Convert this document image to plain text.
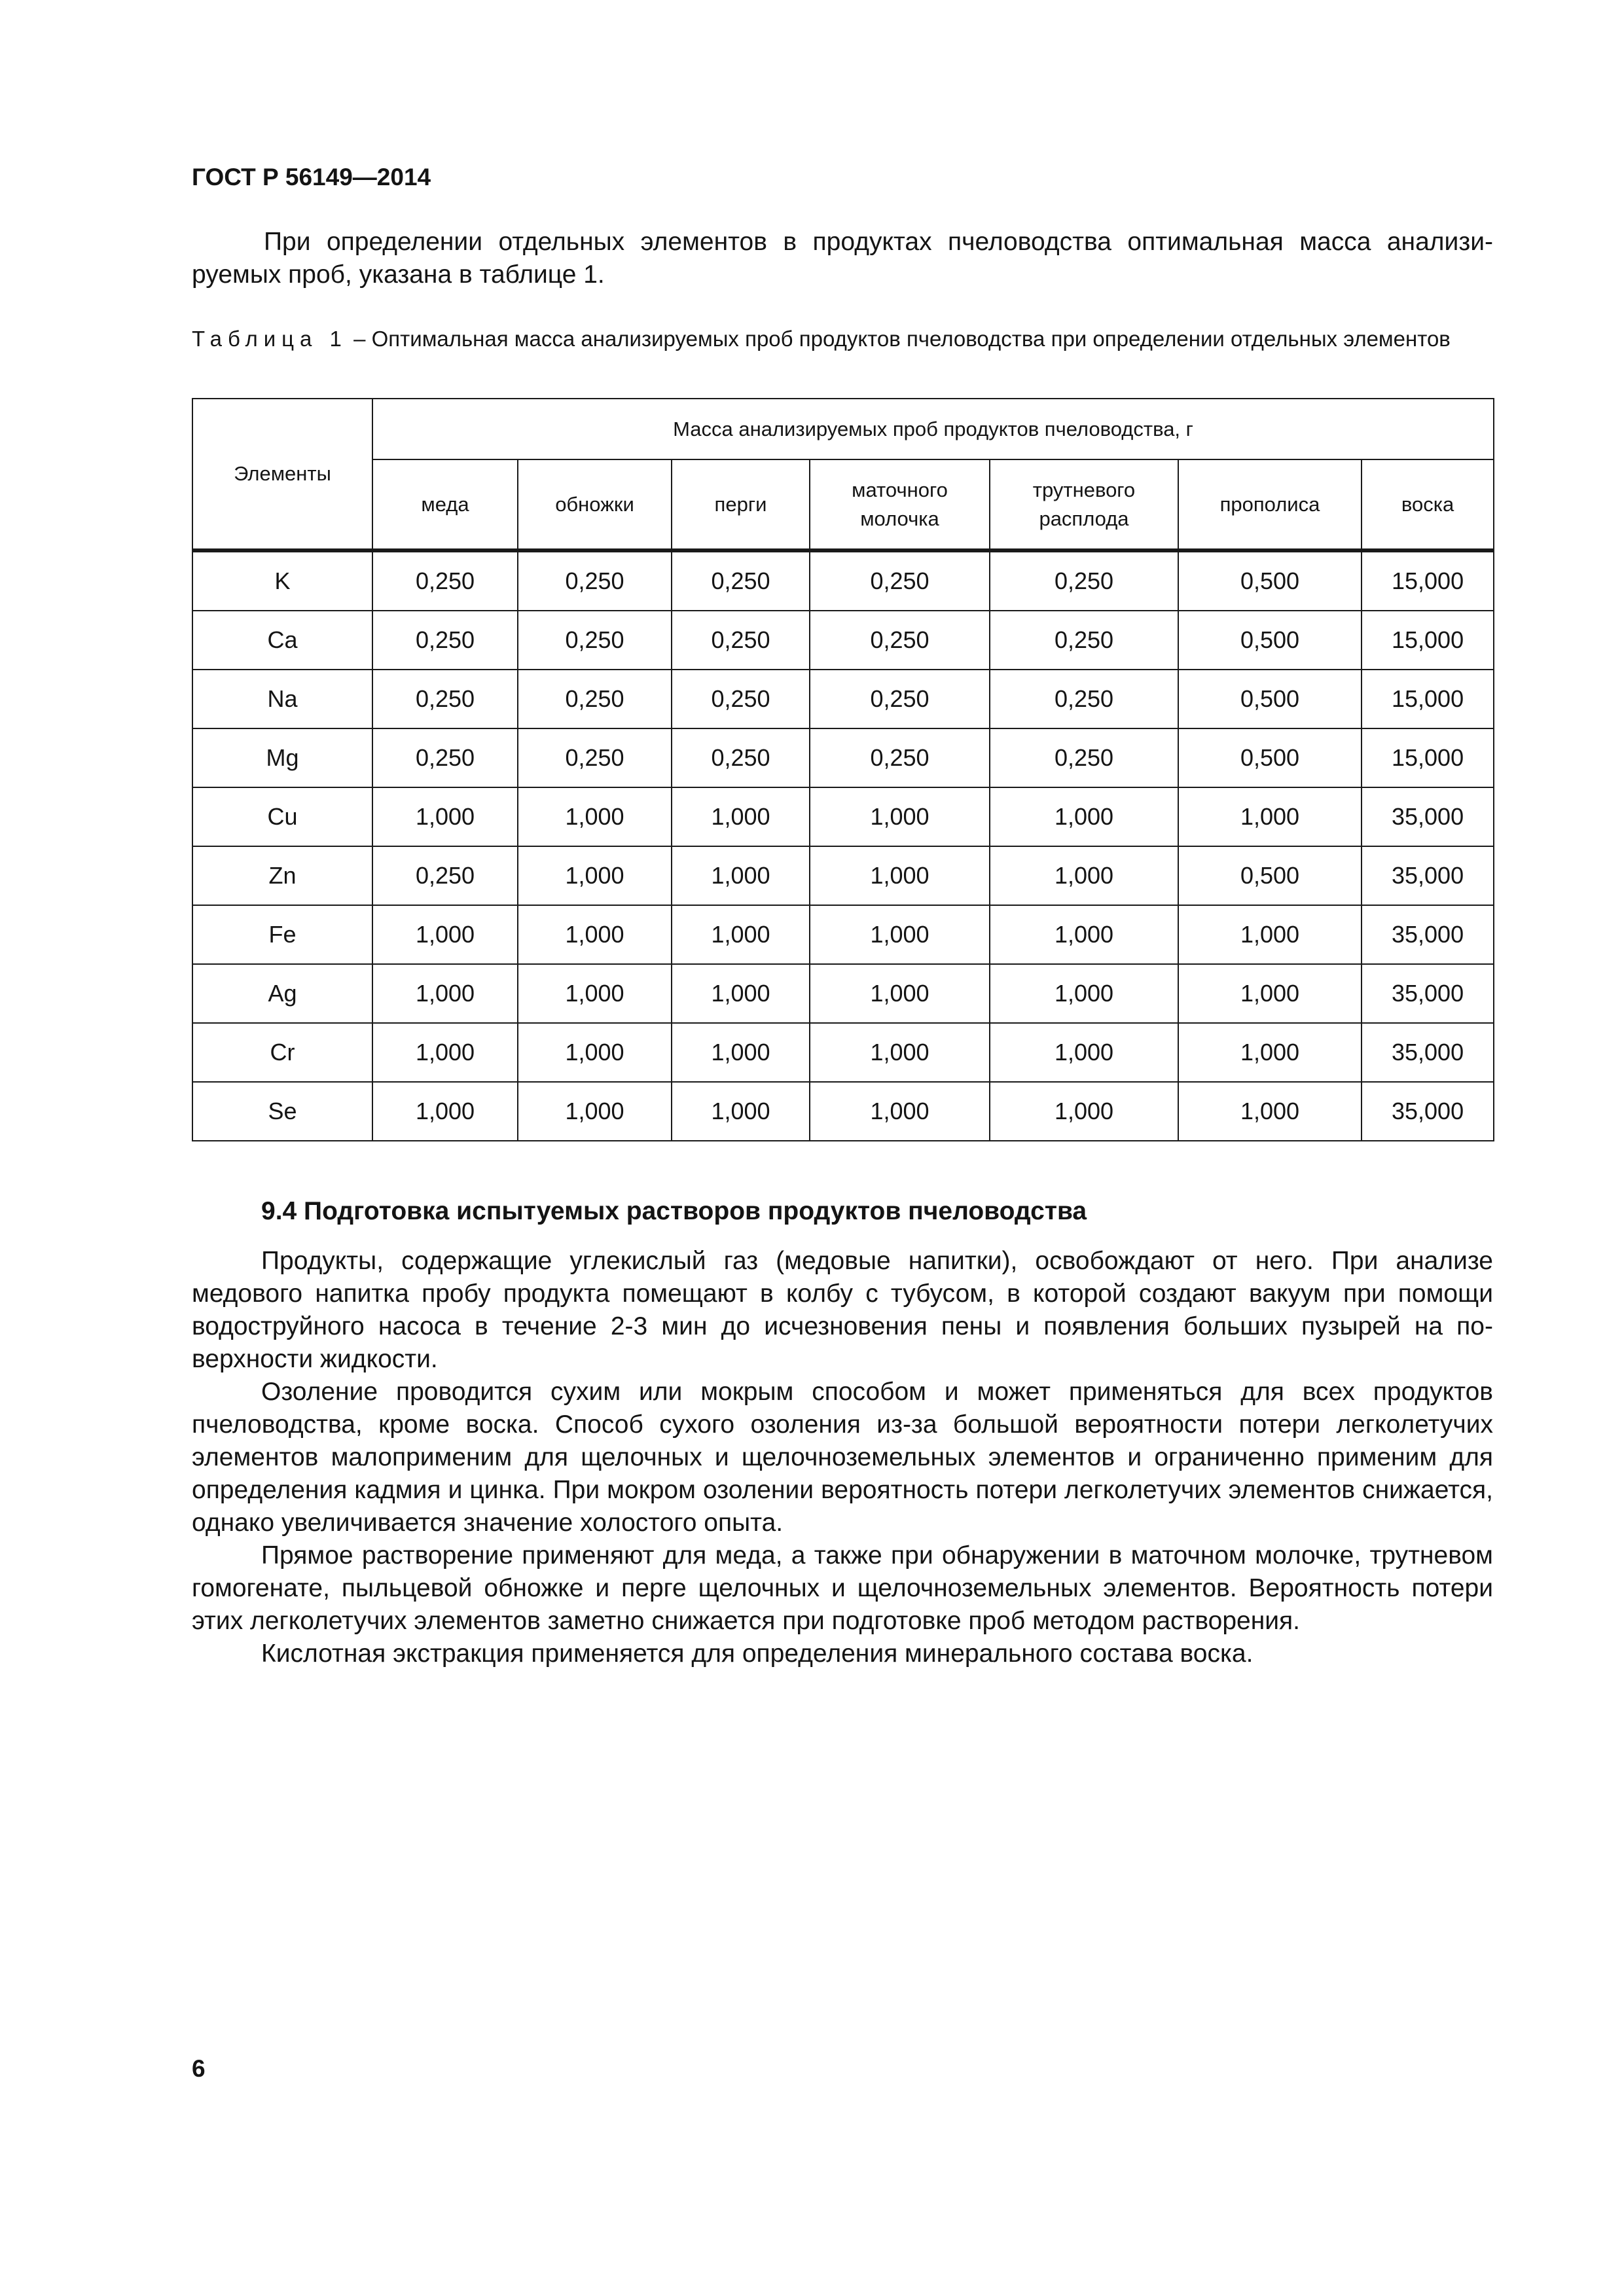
ГОСТ Р 56149—2014

При определении отдельных элементов в продуктах пчеловодства оптимальная масса анализируемых проб, указана в таблице 1.

Таблица 1 – Оптимальная масса анализируемых проб продуктов пчеловодства при определении отдельных элементов
Элементы	Масса анализируемых проб продуктов пчеловодства, г						
	меда	обножки	перги	маточного молочка	трутневого расплода	прополиса	воска
K	0,250	0,250	0,250	0,250	0,250	0,500	15,000
Ca	0,250	0,250	0,250	0,250	0,250	0,500	15,000
Na	0,250	0,250	0,250	0,250	0,250	0,500	15,000
Mg	0,250	0,250	0,250	0,250	0,250	0,500	15,000
Cu	1,000	1,000	1,000	1,000	1,000	1,000	35,000
Zn	0,250	1,000	1,000	1,000	1,000	0,500	35,000
Fe	1,000	1,000	1,000	1,000	1,000	1,000	35,000
Ag	1,000	1,000	1,000	1,000	1,000	1,000	35,000
Cr	1,000	1,000	1,000	1,000	1,000	1,000	35,000
Se	1,000	1,000	1,000	1,000	1,000	1,000	35,000
9.4 Подготовка испытуемых растворов продуктов пчеловодства

Продукты, содержащие углекислый газ (медовые напитки), освобождают от него. При анализе медового напитка пробу продукта помещают в колбу с тубусом, в которой создают вакуум при помощи водоструйного насоса в течение 2-3 мин до исчезновения пены и появления больших пузырей на поверхности жидкости.

Озоление проводится сухим или мокрым способом и может применяться для всех продуктов пчеловодства, кроме воска. Способ сухого озоления из-за большой вероятности потери легколетучих элементов малоприменим для щелочных и щелочноземельных элементов и ограниченно применим для определения кадмия и цинка. При мокром озолении вероятность потери легколетучих элементов снижается, однако увеличивается значение холостого опыта.

Прямое растворение применяют для меда, а также при обнаружении в маточном молочке, трутневом гомогенате, пыльцевой обножке и перге щелочных и щелочноземельных элементов. Вероятность потери этих легколетучих элементов заметно снижается при подготовке проб методом растворения.

Кислотная экстракция применяется для определения минерального состава воска.

6
